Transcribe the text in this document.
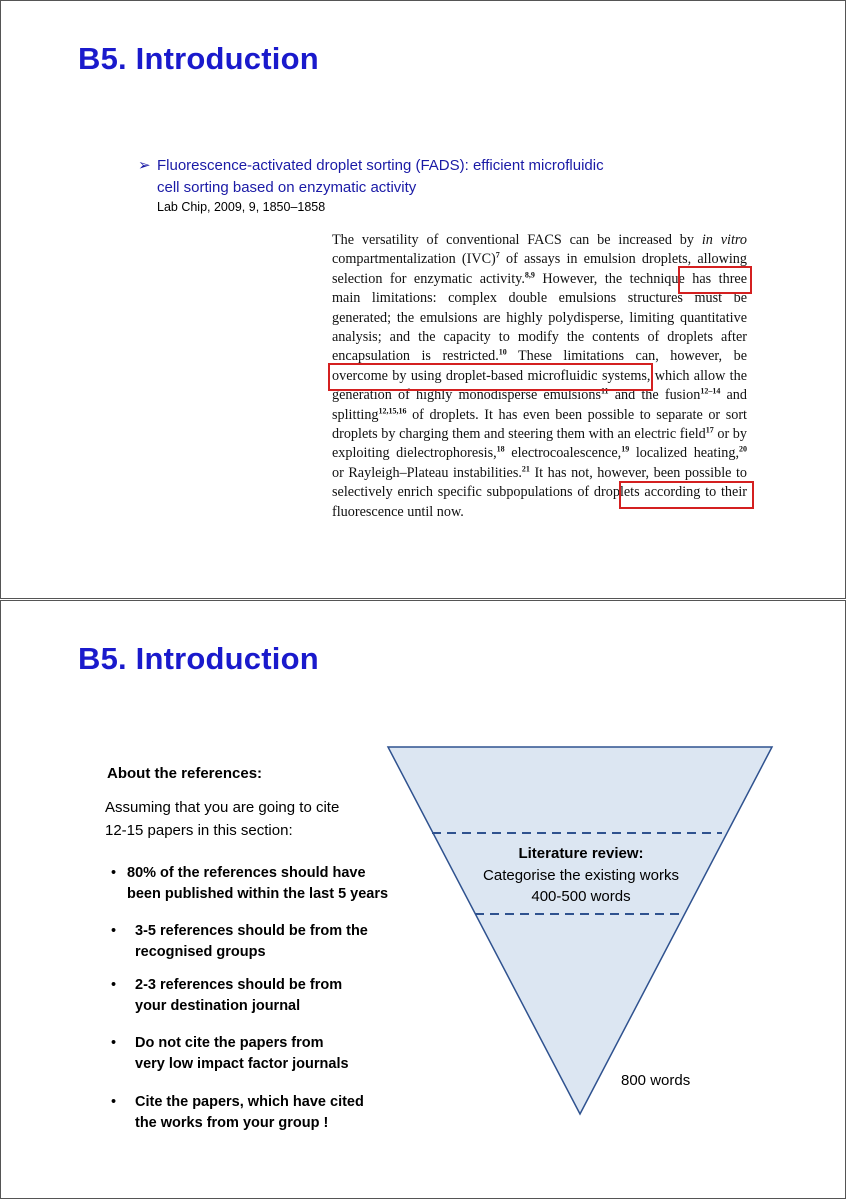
B5. Introduction
➢ Fluorescence-activated droplet sorting (FADS): efficient microfluidic cell sorting based on enzymatic activity
Lab Chip, 2009, 9, 1850–1858

The versatility of conventional FACS can be increased by in vitro compartmentalization (IVC)$^7$ of assays in emulsion droplets, allowing selection for enzymatic activity.$^{8,9}$ However, the technique has three main limitations: complex double emulsions structures must be generated; the emulsions are highly polydisperse, limiting quantitative analysis; and the capacity to modify the contents of droplets after encapsulation is restricted.$^{10}$ These limitations can, however, be overcome by using droplet-based microfluidic systems, which allow the generation of highly monodisperse emulsions$^{11}$ and the fusion$^{12-14}$ and splitting$^{12,15,16}$ of droplets. It has even been possible to separate or sort droplets by charging them and steering them with an electric field$^{17}$ or by exploiting dielectrophoresis,$^{18}$ electrocoalescence,$^{19}$ localized heating,$^{20}$ or Rayleigh–Plateau instabilities.$^{21}$ It has not, however, been possible to selectively enrich specific subpopulations of droplets according to their fluorescence until now.

B5. Introduction
About the references:
Assuming that you are going to cite
12-15 papers in this section:
• 80% of the references should have
been published within the last 5 years
• 3-5 references should be from the
recognised groups
• 2-3 references should be from
your destination journal
• Do not cite the papers from
very low impact factor journals
• Cite the papers, which have cited
the works from your group !
Literature review:
Categorise the existing works
400-500 words
800 words
